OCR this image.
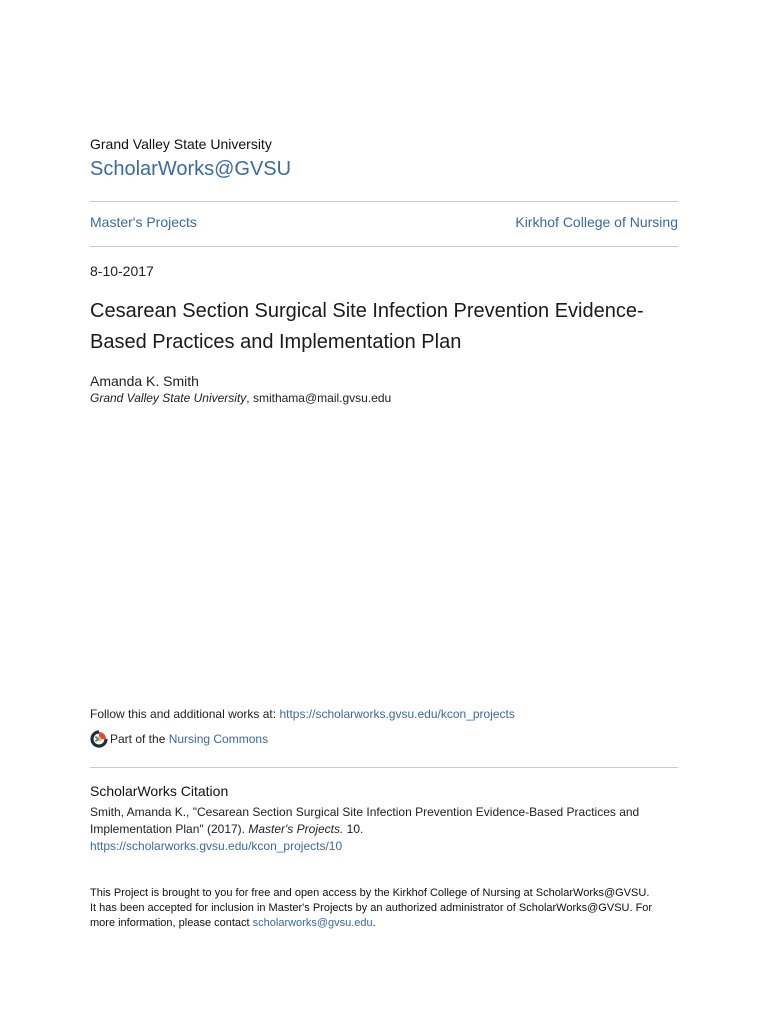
Grand Valley State University
ScholarWorks@GVSU
Master's Projects	Kirkhof College of Nursing
8-10-2017
Cesarean Section Surgical Site Infection Prevention Evidence-
Based Practices and Implementation Plan
Amanda K. Smith
Grand Valley State University, smithama@mail.gvsu.edu
Follow this and additional works at: https://scholarworks.gvsu.edu/kcon_projects
Part of the Nursing Commons
ScholarWorks Citation
Smith, Amanda K., "Cesarean Section Surgical Site Infection Prevention Evidence-Based Practices and
Implementation Plan" (2017). Master's Projects. 10.
https://scholarworks.gvsu.edu/kcon_projects/10
This Project is brought to you for free and open access by the Kirkhof College of Nursing at ScholarWorks@GVSU.
It has been accepted for inclusion in Master's Projects by an authorized administrator of ScholarWorks@GVSU. For
more information, please contact scholarworks@gvsu.edu.
